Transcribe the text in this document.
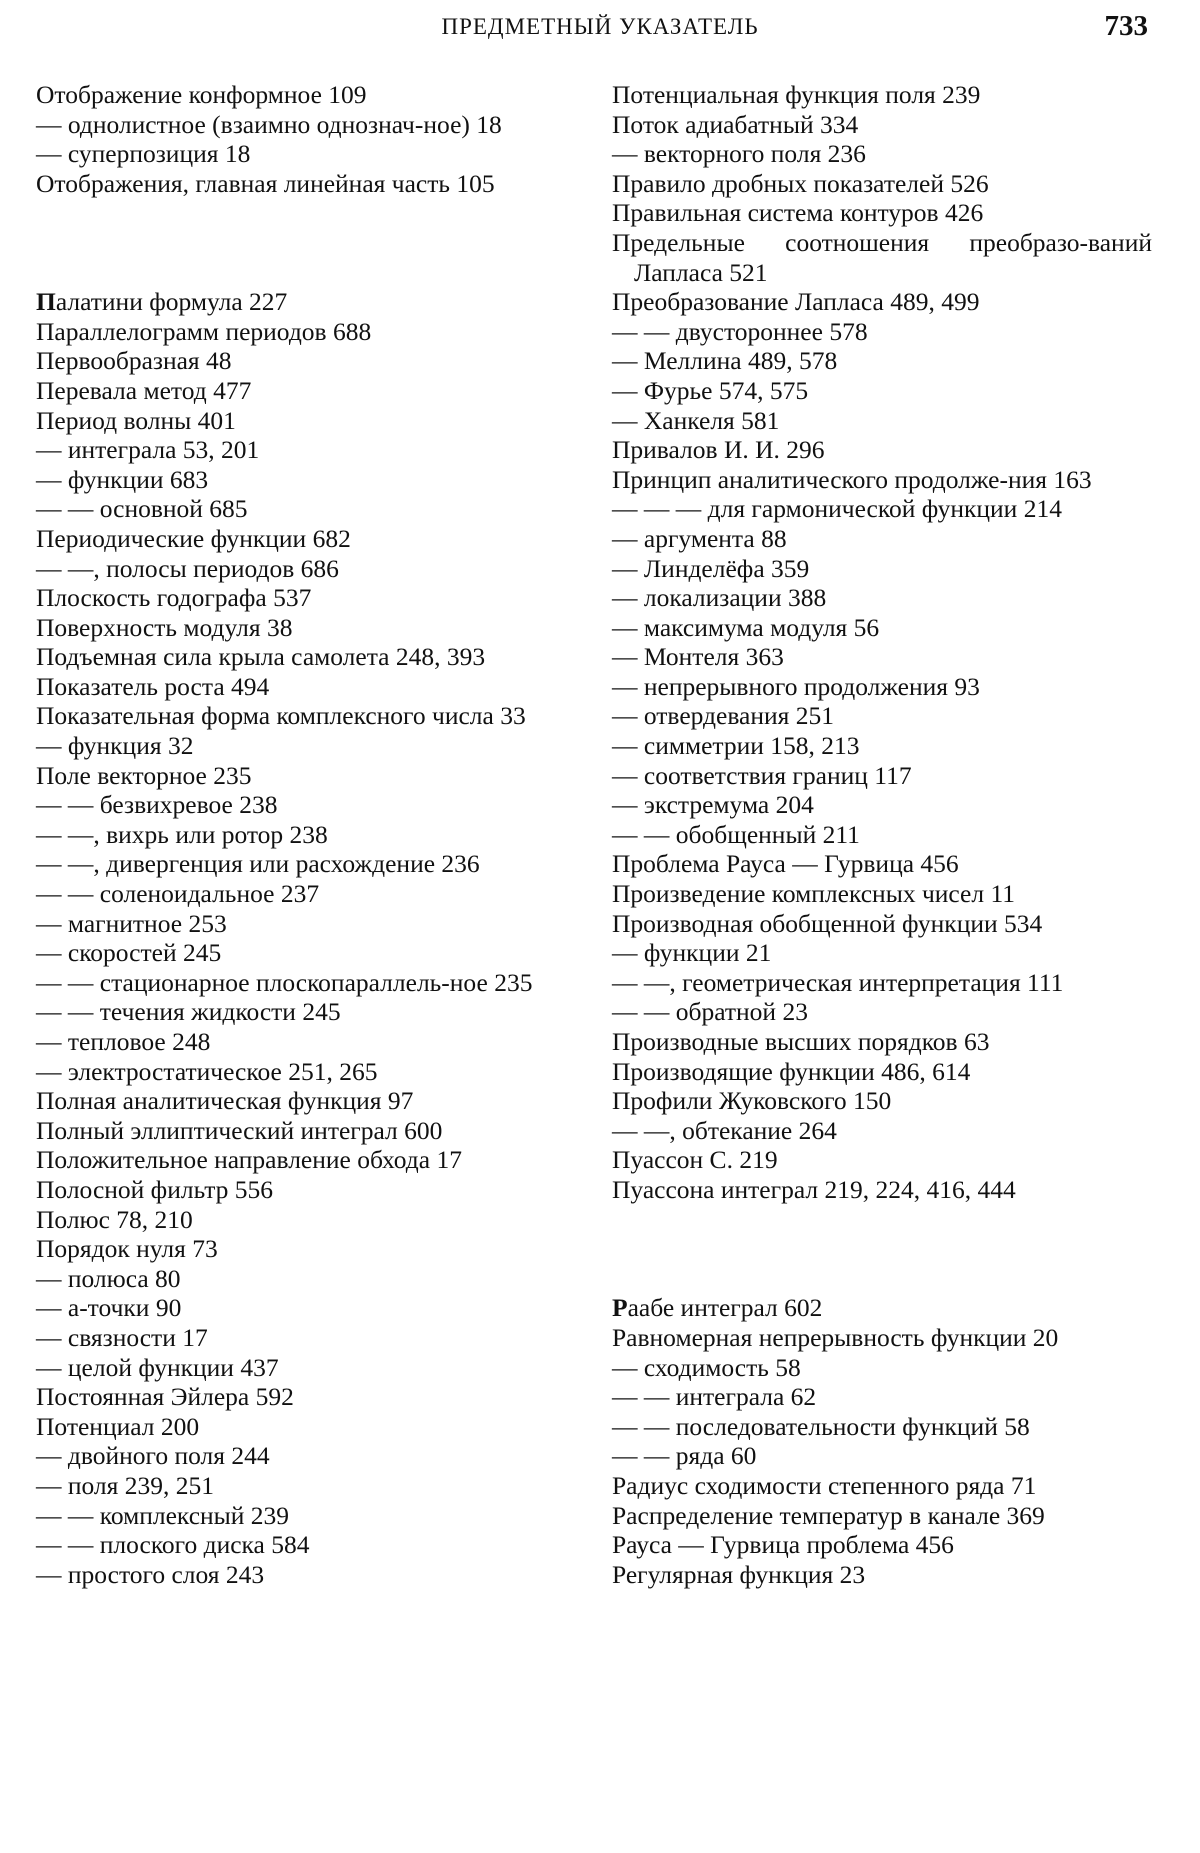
ПРЕДМЕТНЫЙ УКАЗАТЕЛЬ	733
Отображение конформное 109
— однолистное (взаимно однознач-ное) 18
— суперпозиция 18
Отображения, главная линейная часть 105
Палатини формула 227
Параллелограмм периодов 688
Первообразная 48
Перевала метод 477
Период волны 401
— интеграла 53, 201
— функции 683
— — основной 685
Периодические функции 682
— —, полосы периодов 686
Плоскость годографа 537
Поверхность модуля 38
Подъемная сила крыла самолета 248, 393
Показатель роста 494
Показательная форма комплексного числа 33
— функция 32
Поле векторное 235
— — безвихревое 238
— —, вихрь или ротор 238
— —, дивергенция или расхождение 236
— — соленоидальное 237
— магнитное 253
— скоростей 245
— — стационарное плоскопараллель-ное 235
— — течения жидкости 245
— тепловое 248
— электростатическое 251, 265
Полная аналитическая функция 97
Полный эллиптический интеграл 600
Положительное направление обхода 17
Полосной фильтр 556
Полюс 78, 210
Порядок нуля 73
— полюса 80
— a-точки 90
— связности 17
— целой функции 437
Постоянная Эйлера 592
Потенциал 200
— двойного поля 244
— поля 239, 251
— — комплексный 239
— — плоского диска 584
— простого слоя 243
Потенциальная функция поля 239
Поток адиабатный 334
— векторного поля 236
Правило дробных показателей 526
Правильная система контуров 426
Предельные соотношения преобразо-ваний Лапласа 521
Преобразование Лапласа 489, 499
— — двустороннее 578
— Меллина 489, 578
— Фурье 574, 575
— Ханкеля 581
Привалов И. И. 296
Принцип аналитического продолже-ния 163
— — — для гармонической функции 214
— аргумента 88
— Линделёфа 359
— локализации 388
— максимума модуля 56
— Монтеля 363
— непрерывного продолжения 93
— отвердевания 251
— симметрии 158, 213
— соответствия границ 117
— экстремума 204
— — обобщенный 211
Проблема Рауса — Гурвица 456
Произведение комплексных чисел 11
Производная обобщенной функции 534
— функции 21
— —, геометрическая интерпретация 111
— — обратной 23
Производные высших порядков 63
Производящие функции 486, 614
Профили Жуковского 150
— —, обтекание 264
Пуассон С. 219
Пуассона интеграл 219, 224, 416, 444
Раабе интеграл 602
Равномерная непрерывность функции 20
— сходимость 58
— — интеграла 62
— — последовательности функций 58
— — ряда 60
Радиус сходимости степенного ряда 71
Распределение температур в канале 369
Рауса — Гурвица проблема 456
Регулярная функция 23
